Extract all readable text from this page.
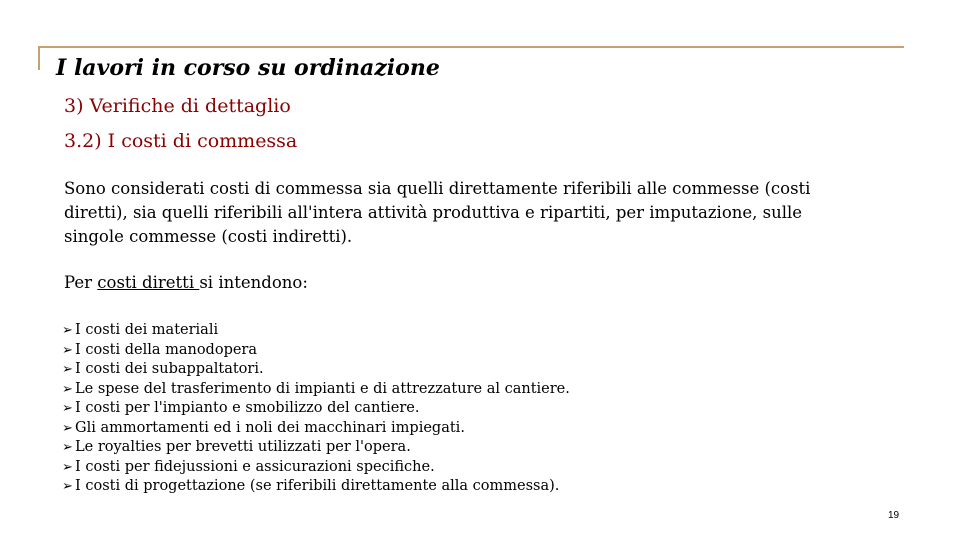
I lavori in corso su ordinazione
3) Verifiche di dettaglio
3.2) I costi di commessa
Sono considerati costi di commessa sia quelli direttamente riferibili alle commesse (costi diretti), sia quelli riferibili all'intera attività produttiva e ripartiti, per imputazione, sulle singole commesse (costi indiretti).
Per costi diretti si intendono:
➢ I costi dei materiali
➢ I costi della manodopera
➢ I costi dei subappaltatori.
➢ Le spese del trasferimento di impianti e di attrezzature al cantiere.
➢ I costi per l'impianto e smobilizzo del cantiere.
➢ Gli ammortamenti ed i noli dei macchinari impiegati.
➢ Le royalties per brevetti utilizzati per l'opera.
➢ I costi per fidejussioni e assicurazioni specifiche.
➢ I costi di progettazione (se riferibili direttamente alla commessa).
19
